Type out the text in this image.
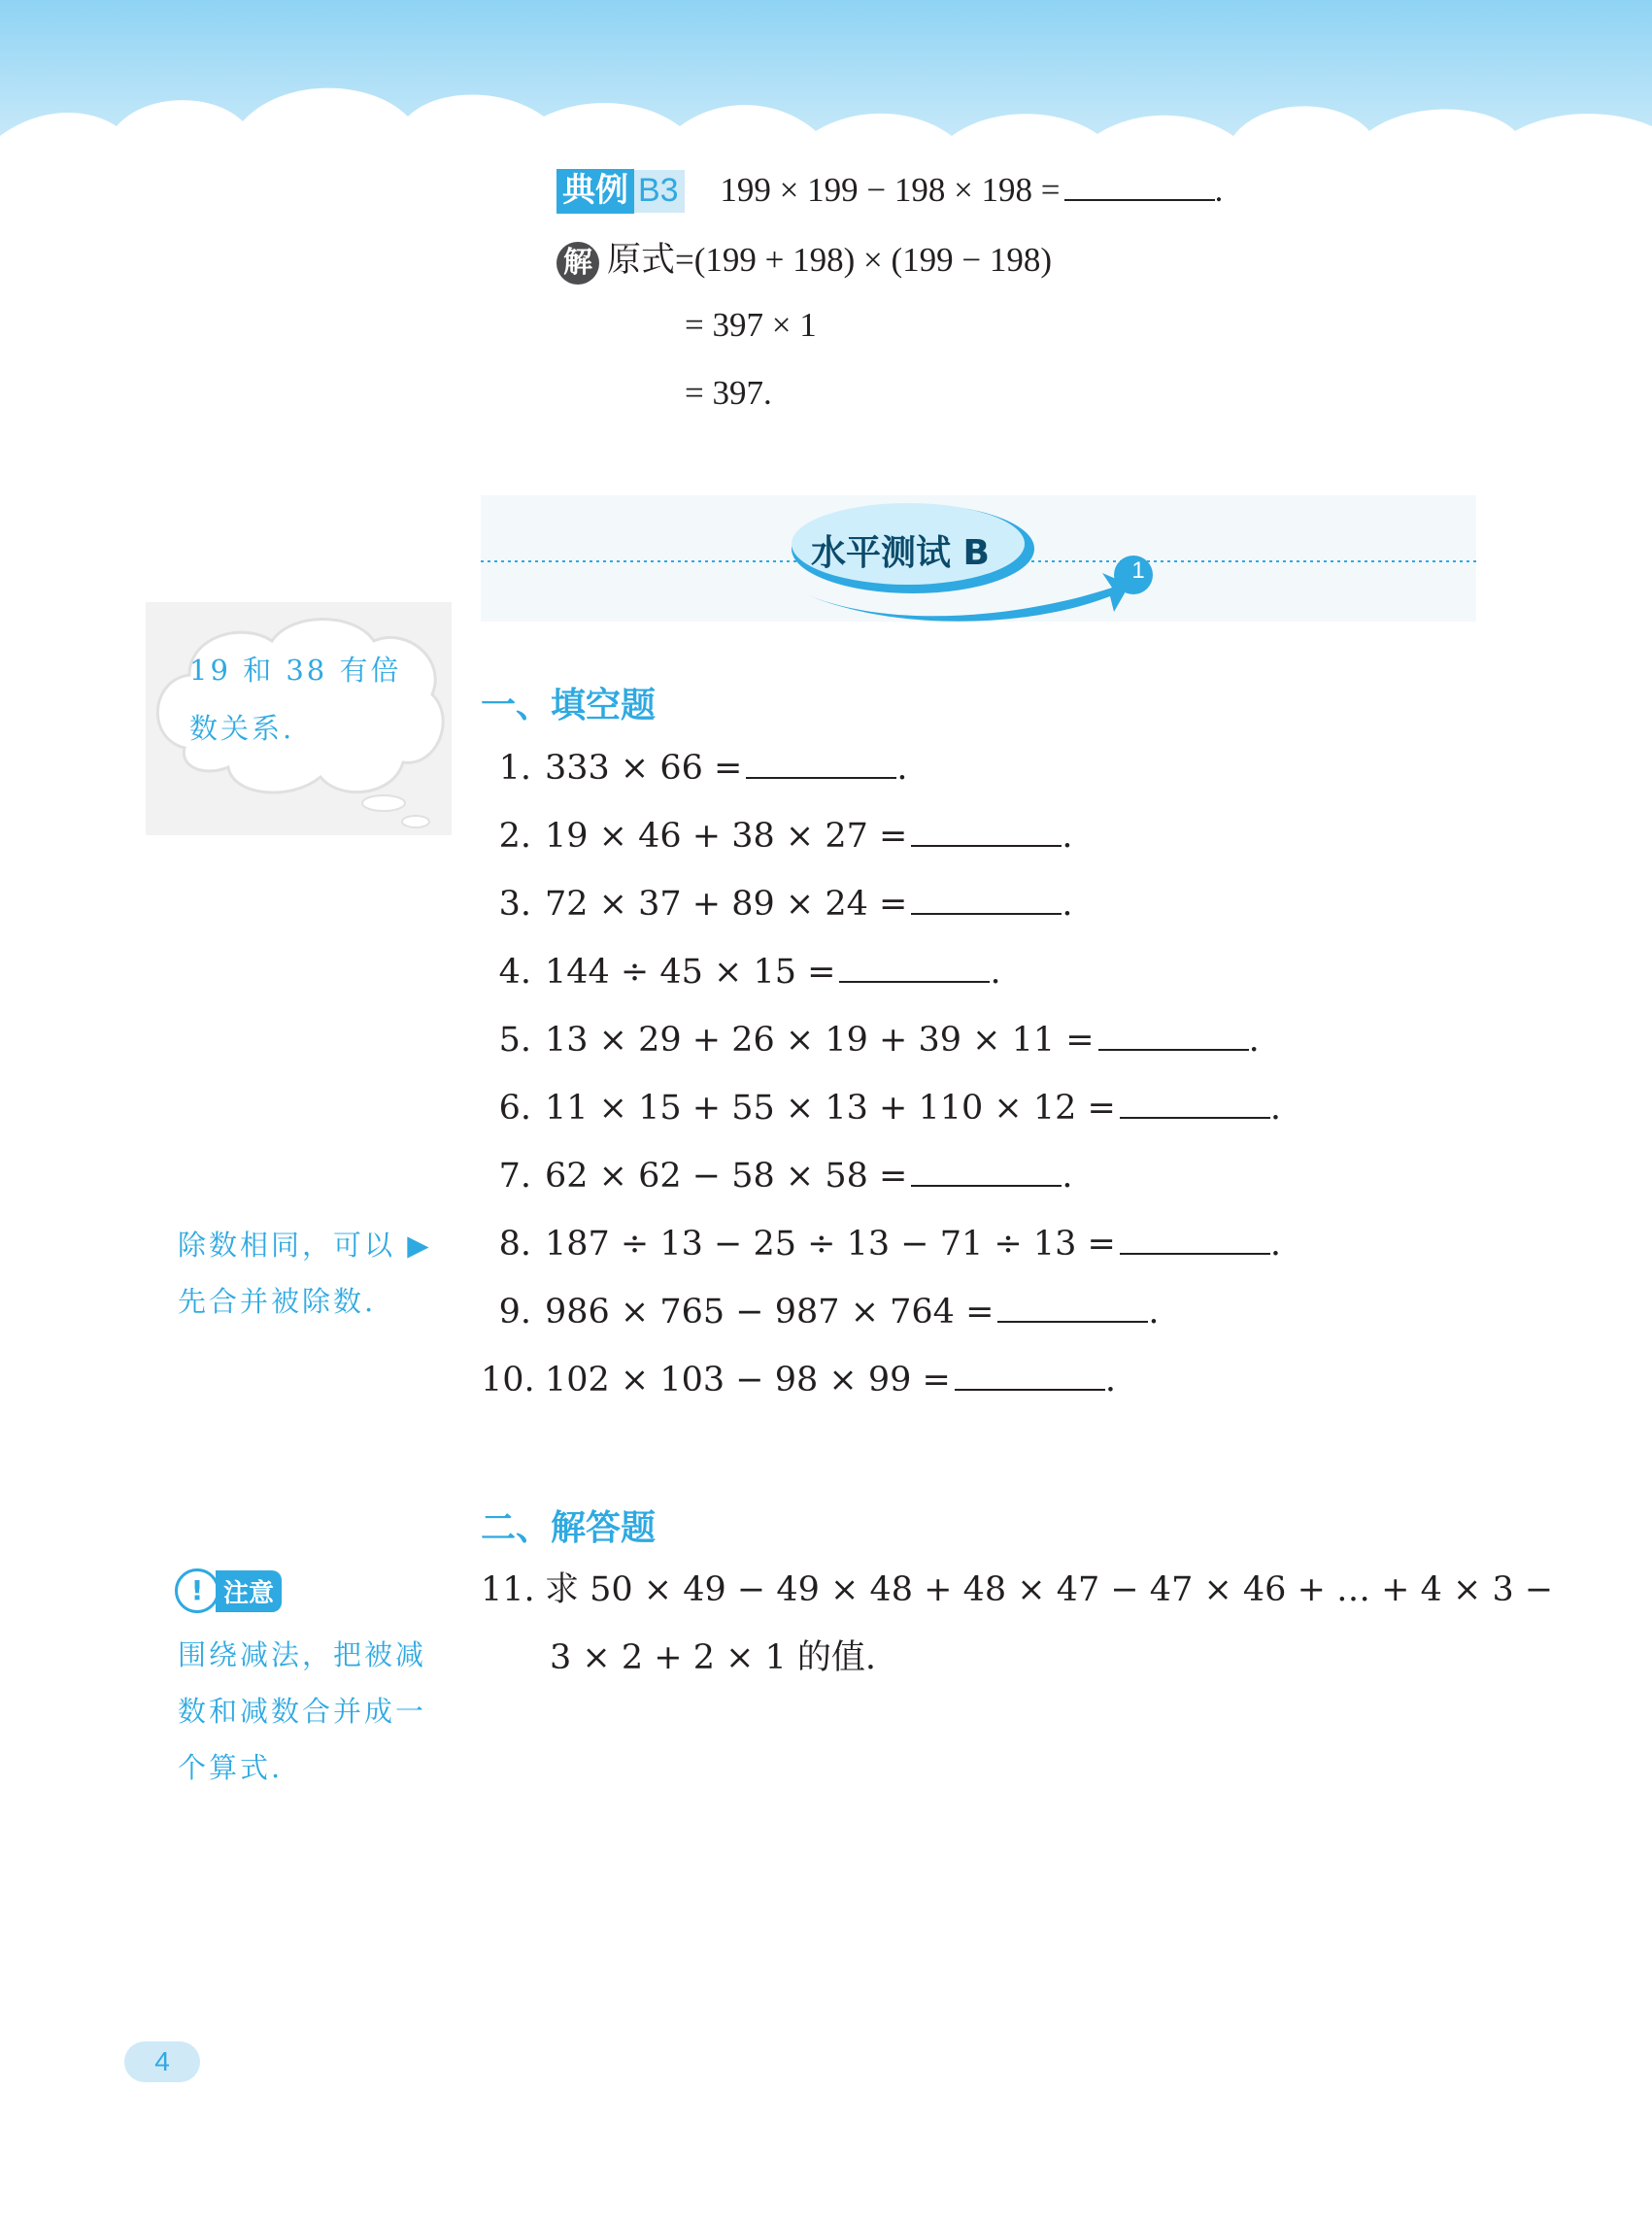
典例 B3 199 × 199 − 198 × 198 =	.
解 原式=(199 + 198) × (199 − 198)
= 397 × 1
= 397.
水平测试 B	1
19 和 38 有倍数关系.
一、填空题
1. 333 × 66 =	.
2. 19 × 46 + 38 × 27 =	.
3. 72 × 37 + 89 × 24 =	.
4. 144 ÷ 45 × 15 =	.
5. 13 × 29 + 26 × 19 + 39 × 11 =	.
6. 11 × 15 + 55 × 13 + 110 × 12 =	.
7. 62 × 62 − 58 × 58 =	.
8. 187 ÷ 13 − 25 ÷ 13 − 71 ÷ 13 =	.
9. 986 × 765 − 987 × 764 =	.
10. 102 × 103 − 98 × 99 =	.
除数相同，可以 ▶
先合并被除数.
二、解答题
11. 求 50 × 49 − 49 × 48 + 48 × 47 − 47 × 46 + … + 4 × 3 −
3 × 2 + 2 × 1 的值.
! 注意
围绕减法，把被减
数和减数合并成一
个算式.
4
